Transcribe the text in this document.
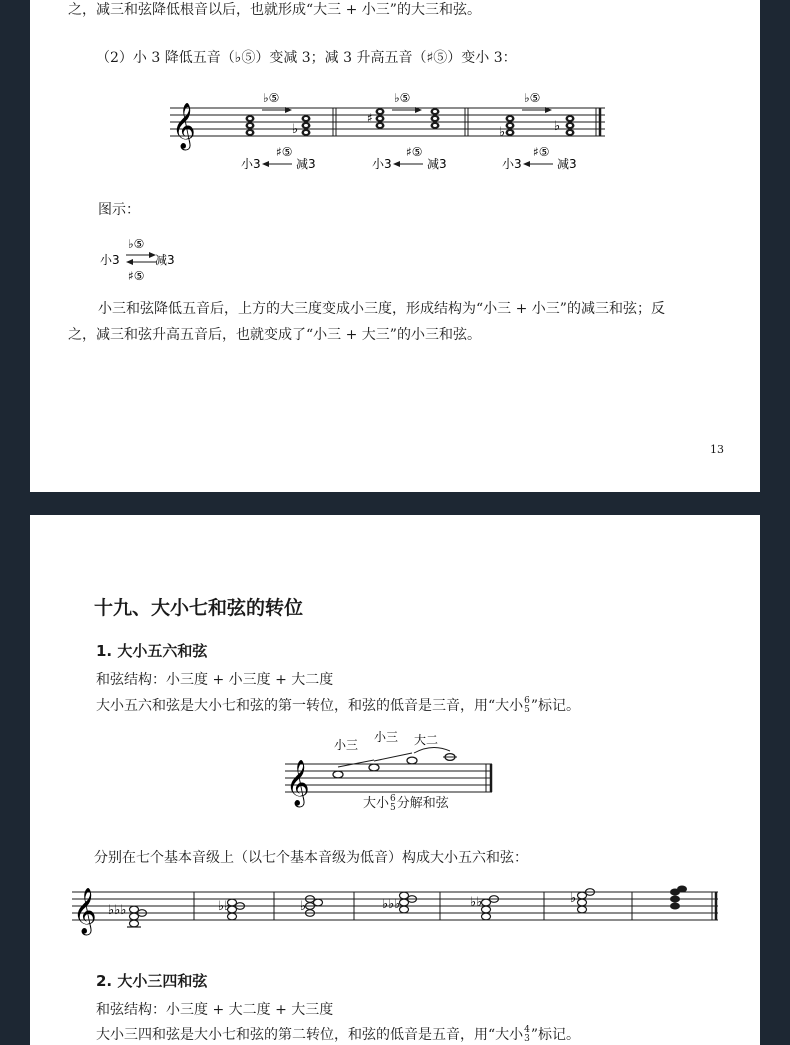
之，减三和弦降低根音以后，也就形成“大三 + 小三”的大三和弦。
（2）小 3 降低五音（♭⑤）变减 3；减 3 升高五音（♯⑤）变小 3：
𝄞	♭
♯
♭	♭
♭⑤
♯⑤
小3	减3
♭⑤
♯⑤
小3	减3
♭⑤
♯⑤
小3	减3
图示：
♭⑤
小3	减3
♯⑤
小三和弦降低五音后，上方的大三度变成小三度，形成结构为“小三 + 小三”的减三和弦；反
之，减三和弦升高五音后，也就变成了“小三 + 大三”的小三和弦。
13
十九、大小七和弦的转位
1. 大小五六和弦
和弦结构：小三度 + 小三度 + 大二度
大小五六和弦是大小七和弦的第一转位，和弦的低音是三音，用“大小 6
5 ”标记。
𝄞
小三
小三 大二
大小 6
5 分解和弦
分别在七个基本音级上（以七个基本音级为低音）构成大小五六和弦：
𝄞 ♭♭♭	♭♭	♭	♭♭♭	♭♭	♭
2. 大小三四和弦
和弦结构：小三度 + 大二度 + 大三度
大小三四和弦是大小七和弦的第二转位，和弦的低音是五音，用“大小 4
3 ”标记。
